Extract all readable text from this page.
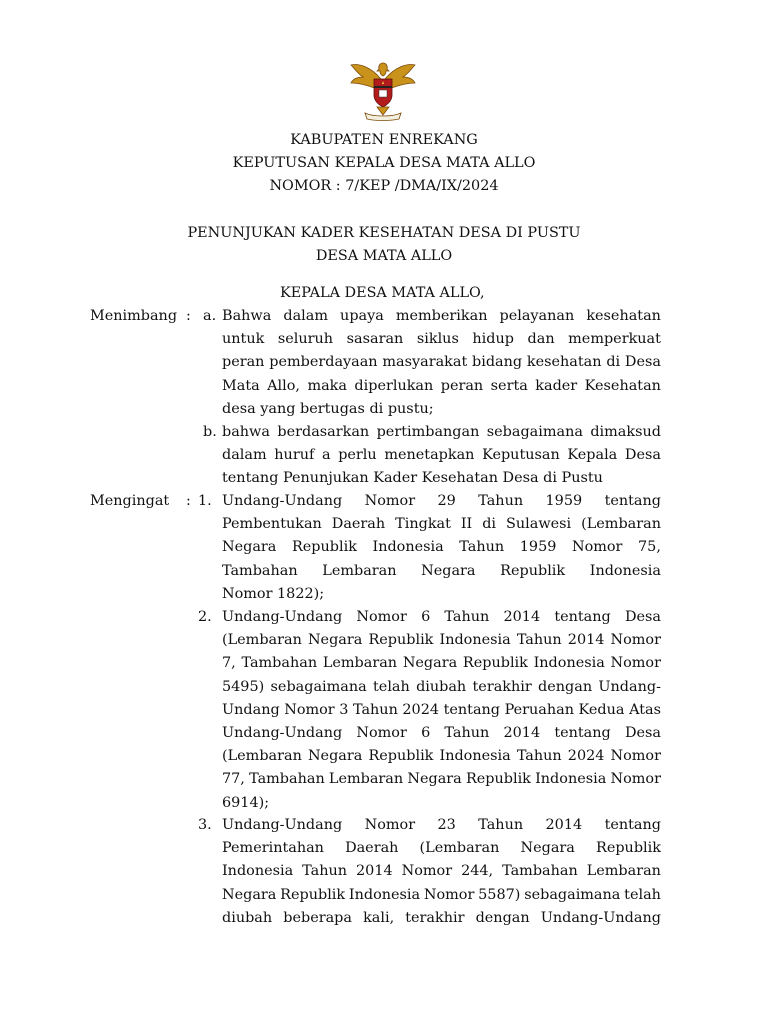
KABUPATEN ENREKANG
KEPUTUSAN KEPALA DESA MATA ALLO
NOMOR : 7/KEP /DMA/IX/2024
PENUNJUKAN KADER KESEHATAN DESA DI PUSTU
DESA MATA ALLO
KEPALA DESA MATA ALLO,
Menimbang : a. Bahwa dalam upaya memberikan pelayanan kesehatan
untuk seluruh sasaran siklus hidup dan memperkuat
peran pemberdayaan masyarakat bidang kesehatan di Desa
Mata Allo, maka diperlukan peran serta kader Kesehatan
desa yang bertugas di pustu;
b. bahwa berdasarkan pertimbangan sebagaimana dimaksud
dalam huruf a perlu menetapkan Keputusan Kepala Desa
tentang Penunjukan Kader Kesehatan Desa di Pustu
Mengingat : 1. Undang-Undang Nomor 29 Tahun 1959 tentang
Pembentukan Daerah Tingkat II di Sulawesi (Lembaran
Negara Republik Indonesia Tahun 1959 Nomor 75,
Tambahan Lembaran Negara Republik Indonesia
Nomor 1822);
2. Undang-Undang Nomor 6 Tahun 2014 tentang Desa
(Lembaran Negara Republik Indonesia Tahun 2014 Nomor
7, Tambahan Lembaran Negara Republik Indonesia Nomor
5495) sebagaimana telah diubah terakhir dengan Undang-
Undang Nomor 3 Tahun 2024 tentang Peruahan Kedua Atas
Undang-Undang Nomor 6 Tahun 2014 tentang Desa
(Lembaran Negara Republik Indonesia Tahun 2024 Nomor
77, Tambahan Lembaran Negara Republik Indonesia Nomor
6914);
3. Undang-Undang Nomor 23 Tahun 2014 tentang
Pemerintahan Daerah (Lembaran Negara Republik
Indonesia Tahun 2014 Nomor 244, Tambahan Lembaran
Negara Republik Indonesia Nomor 5587) sebagaimana telah
diubah beberapa kali, terakhir dengan Undang-Undang
